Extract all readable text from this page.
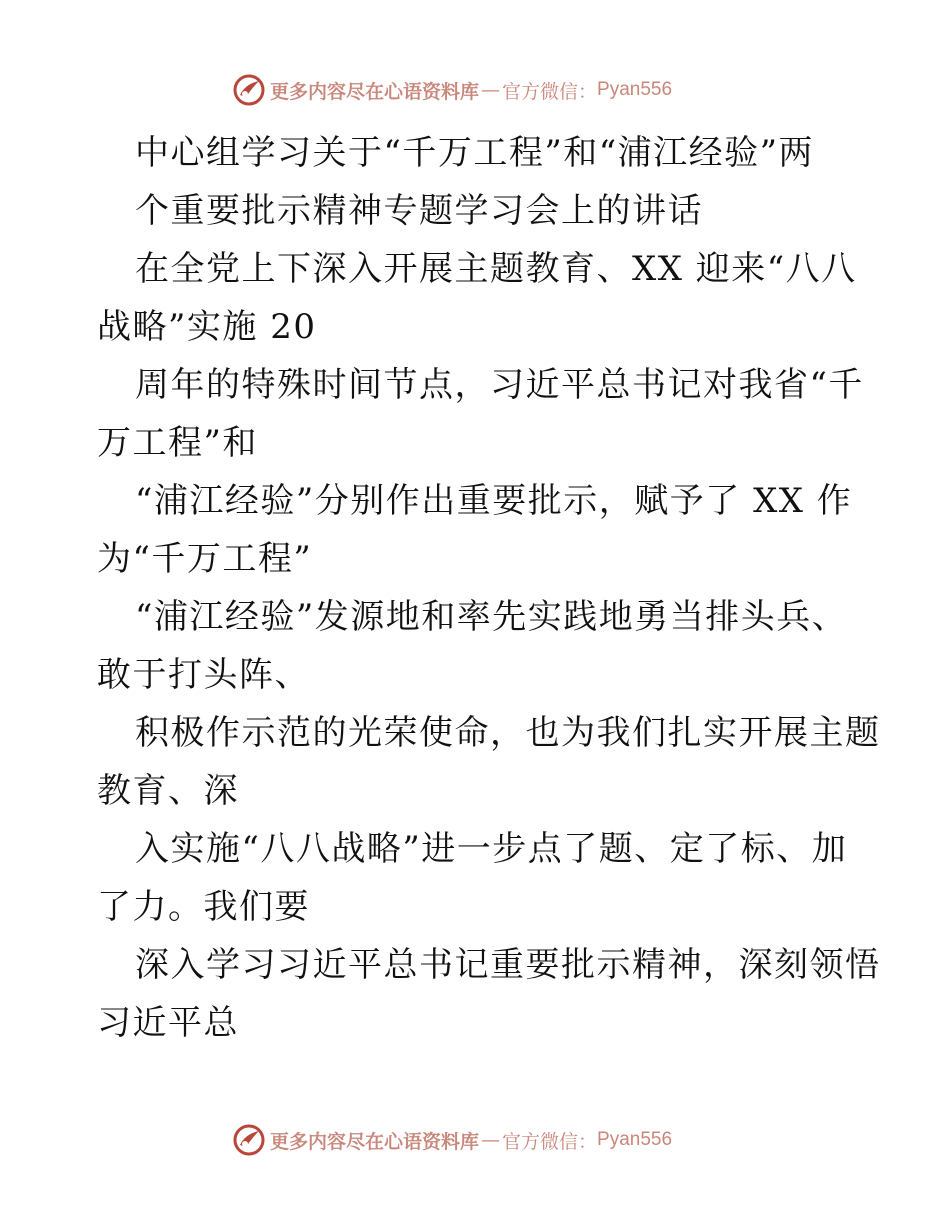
更多内容尽在心语资料库 — 官方微信： Pyan556
中心组学习关于“千万工程”和“浦江经验”两
个重要批示精神专题学习会上的讲话
在全党上下深入开展主题教育、XX 迎来“八八
战略”实施 20
周年的特殊时间节点，习近平总书记对我省“千
万工程”和
“浦江经验”分别作出重要批示，赋予了 XX 作
为“千万工程”
“浦江经验”发源地和率先实践地勇当排头兵、
敢于打头阵、
积极作示范的光荣使命，也为我们扎实开展主题
教育、深
入实施“八八战略”进一步点了题、定了标、加
了力。我们要
深入学习习近平总书记重要批示精神，深刻领悟
习近平总
更多内容尽在心语资料库 — 官方微信： Pyan556
